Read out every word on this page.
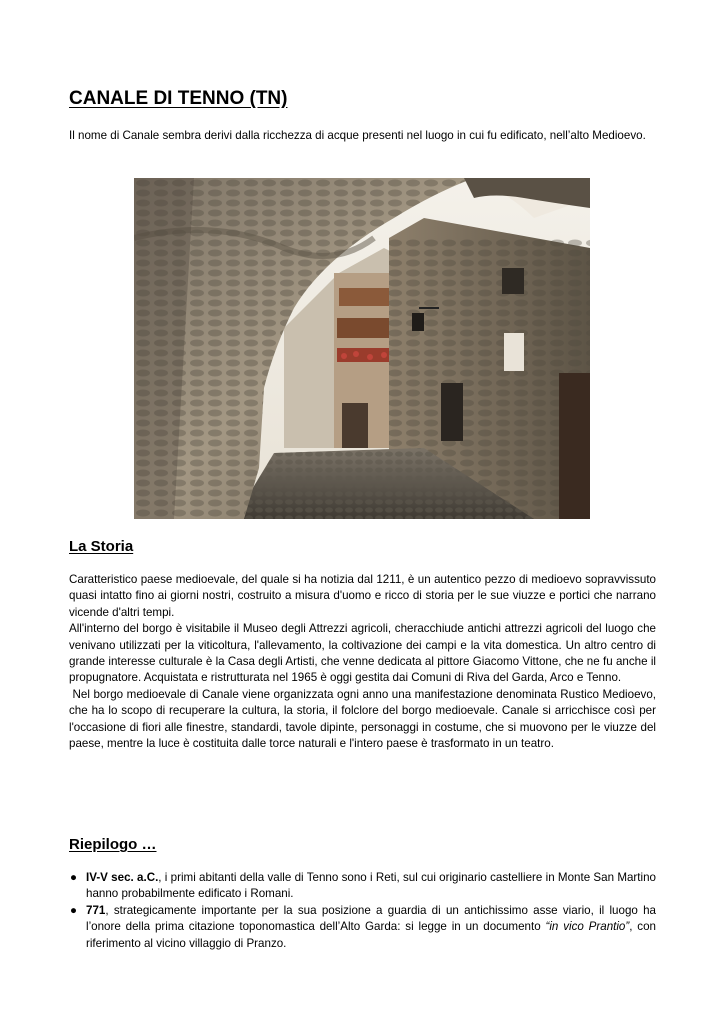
CANALE DI TENNO (TN)

Il nome di Canale sembra derivi dalla ricchezza di acque presenti nel luogo in cui fu edificato, nell’alto Medioevo.

La Storia
Caratteristico paese medioevale, del quale si ha notizia dal 1211, è un autentico pezzo di medioevo sopravvissuto quasi intatto fino ai giorni nostri, costruito a misura d'uomo e ricco di storia per le sue viuzze e portici che narrano vicende d'altri tempi.
All'interno del borgo è visitabile il Museo degli Attrezzi agricoli, cheracchiude antichi attrezzi agricoli del luogo che venivano utilizzati per la viticoltura, l'allevamento, la coltivazione dei campi e la vita domestica. Un altro centro di grande interesse culturale è la Casa degli Artisti, che venne dedicata al pittore Giacomo Vittone, che ne fu anche il propugnatore. Acquistata e ristrutturata nel 1965 è oggi gestita dai Comuni di Riva del Garda, Arco e Tenno.
Nel borgo medioevale di Canale viene organizzata ogni anno una manifestazione denominata Rustico Medioevo, che ha lo scopo di recuperare la cultura, la storia, il folclore del borgo medioevale. Canale si arricchisce così per l'occasione di fiori alle finestre, standardi, tavole dipinte, personaggi in costume, che si muovono per le viuzze del paese, mentre la luce è costituita dalle torce naturali e l'intero paese è trasformato in un teatro.
Riepilogo …
● IV-V sec. a.C., i primi abitanti della valle di Tenno sono i Reti, sul cui originario castelliere in Monte San Martino hanno probabilmente edificato i Romani.
● 771, strategicamente importante per la sua posizione a guardia di un antichissimo asse viario, il luogo ha l’onore della prima citazione toponomastica dell’Alto Garda: si legge in un documento “in vico Prantio”, con riferimento al vicino villaggio di Pranzo.
